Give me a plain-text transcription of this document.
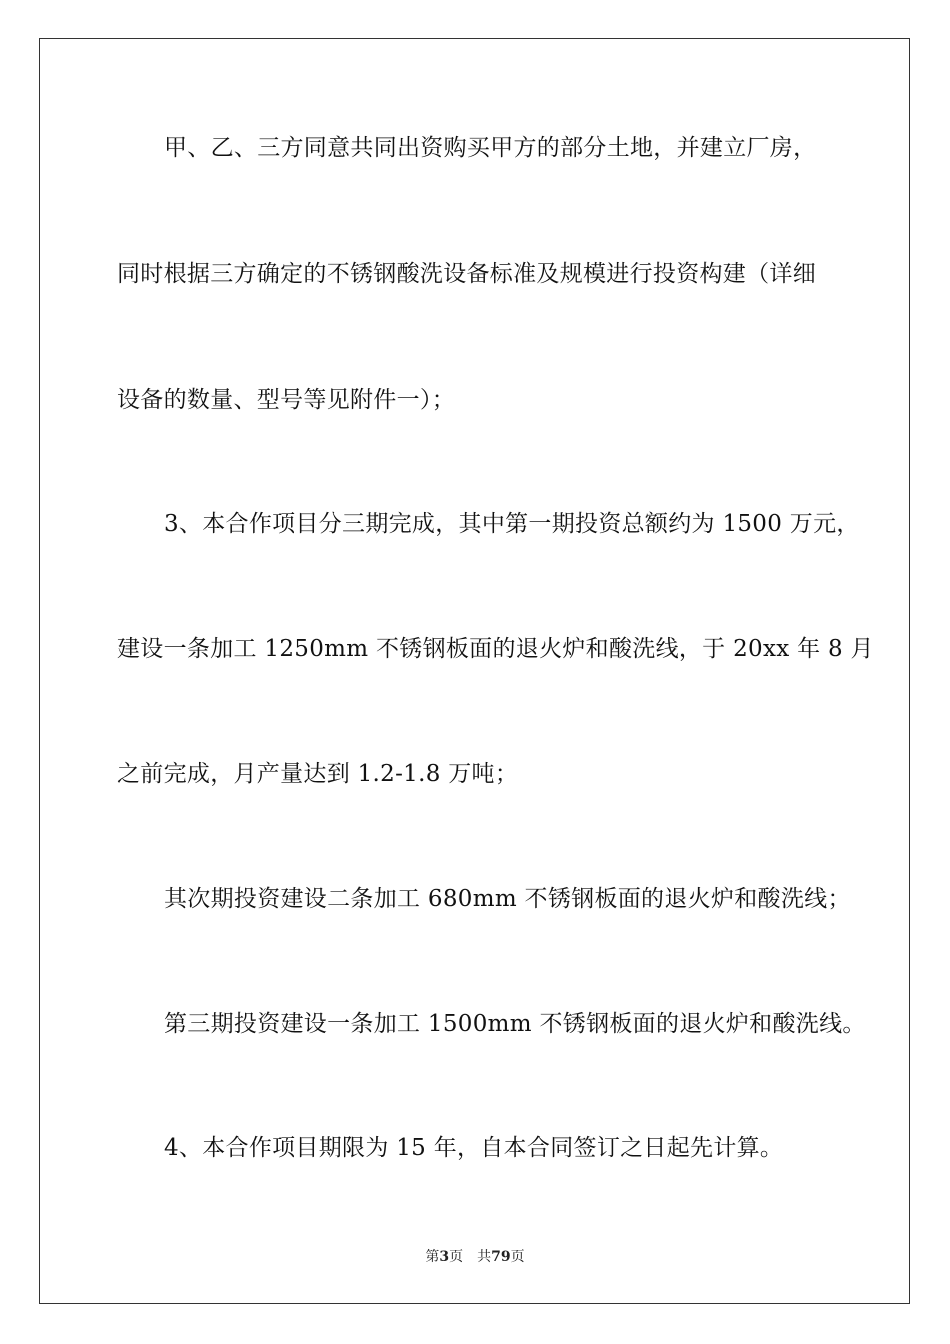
甲、乙、三方同意共同出资购买甲方的部分土地，并建立厂房，
同时根据三方确定的不锈钢酸洗设备标准及规模进行投资构建（详细
设备的数量、型号等见附件一）；
3、本合作项目分三期完成，其中第一期投资总额约为 1500 万元，
建设一条加工 1250mm 不锈钢板面的退火炉和酸洗线，于 20xx 年 8 月
之前完成，月产量达到 1.2-1.8 万吨；
其次期投资建设二条加工 680mm 不锈钢板面的退火炉和酸洗线；
第三期投资建设一条加工 1500mm 不锈钢板面的退火炉和酸洗线。
4、本合作项目期限为 15 年，自本合同签订之日起先计算。
第3页 共79页
